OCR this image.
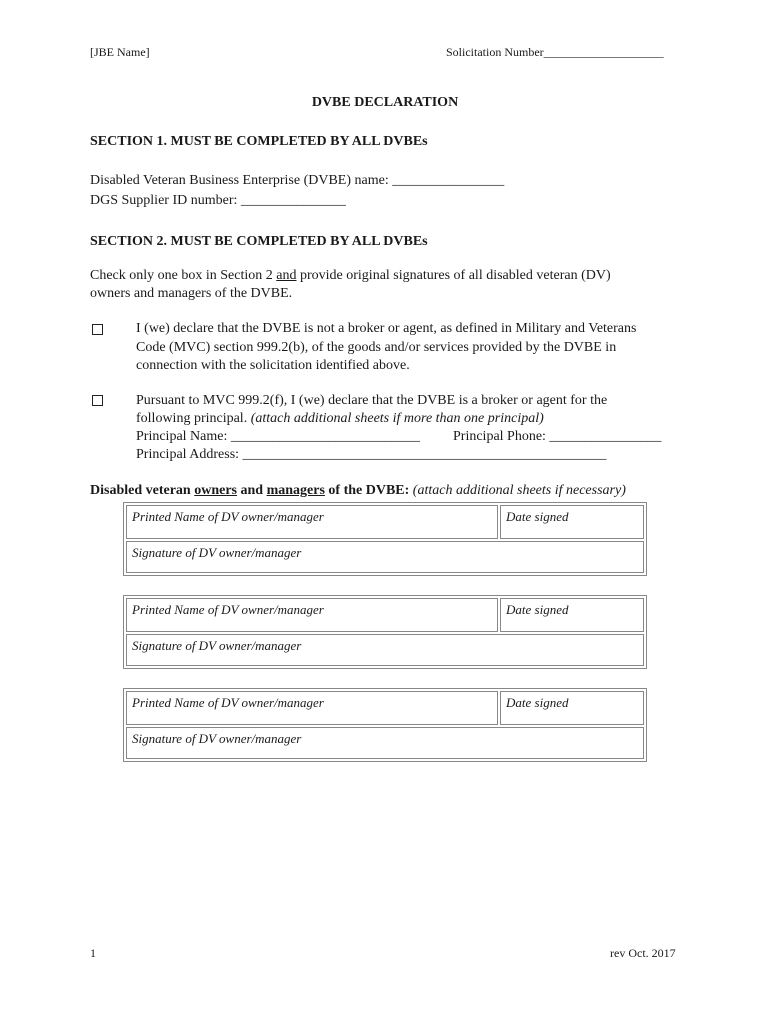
[JBE Name]	Solicitation Number____________________
DVBE DECLARATION
SECTION 1. MUST BE COMPLETED BY ALL DVBEs
Disabled Veteran Business Enterprise (DVBE) name: ________________
DGS Supplier ID number: _______________
SECTION 2. MUST BE COMPLETED BY ALL DVBEs
Check only one box in Section 2 and provide original signatures of all disabled veteran (DV)
owners and managers of the DVBE.
I (we) declare that the DVBE is not a broker or agent, as defined in Military and Veterans
Code (MVC) section 999.2(b), of the goods and/or services provided by the DVBE in
connection with the solicitation identified above.
Pursuant to MVC 999.2(f), I (we) declare that the DVBE is a broker or agent for the
following principal. (attach additional sheets if more than one principal)
Principal Name: ___________________________ Principal Phone: ________________
Principal Address: ____________________________________________________
Disabled veteran owners and managers of the DVBE: (attach additional sheets if necessary)
Printed Name of DV owner/manager	Date signed
Signature of DV owner/manager
Printed Name of DV owner/manager	Date signed
Signature of DV owner/manager
Printed Name of DV owner/manager	Date signed
Signature of DV owner/manager
1	rev Oct. 2017
